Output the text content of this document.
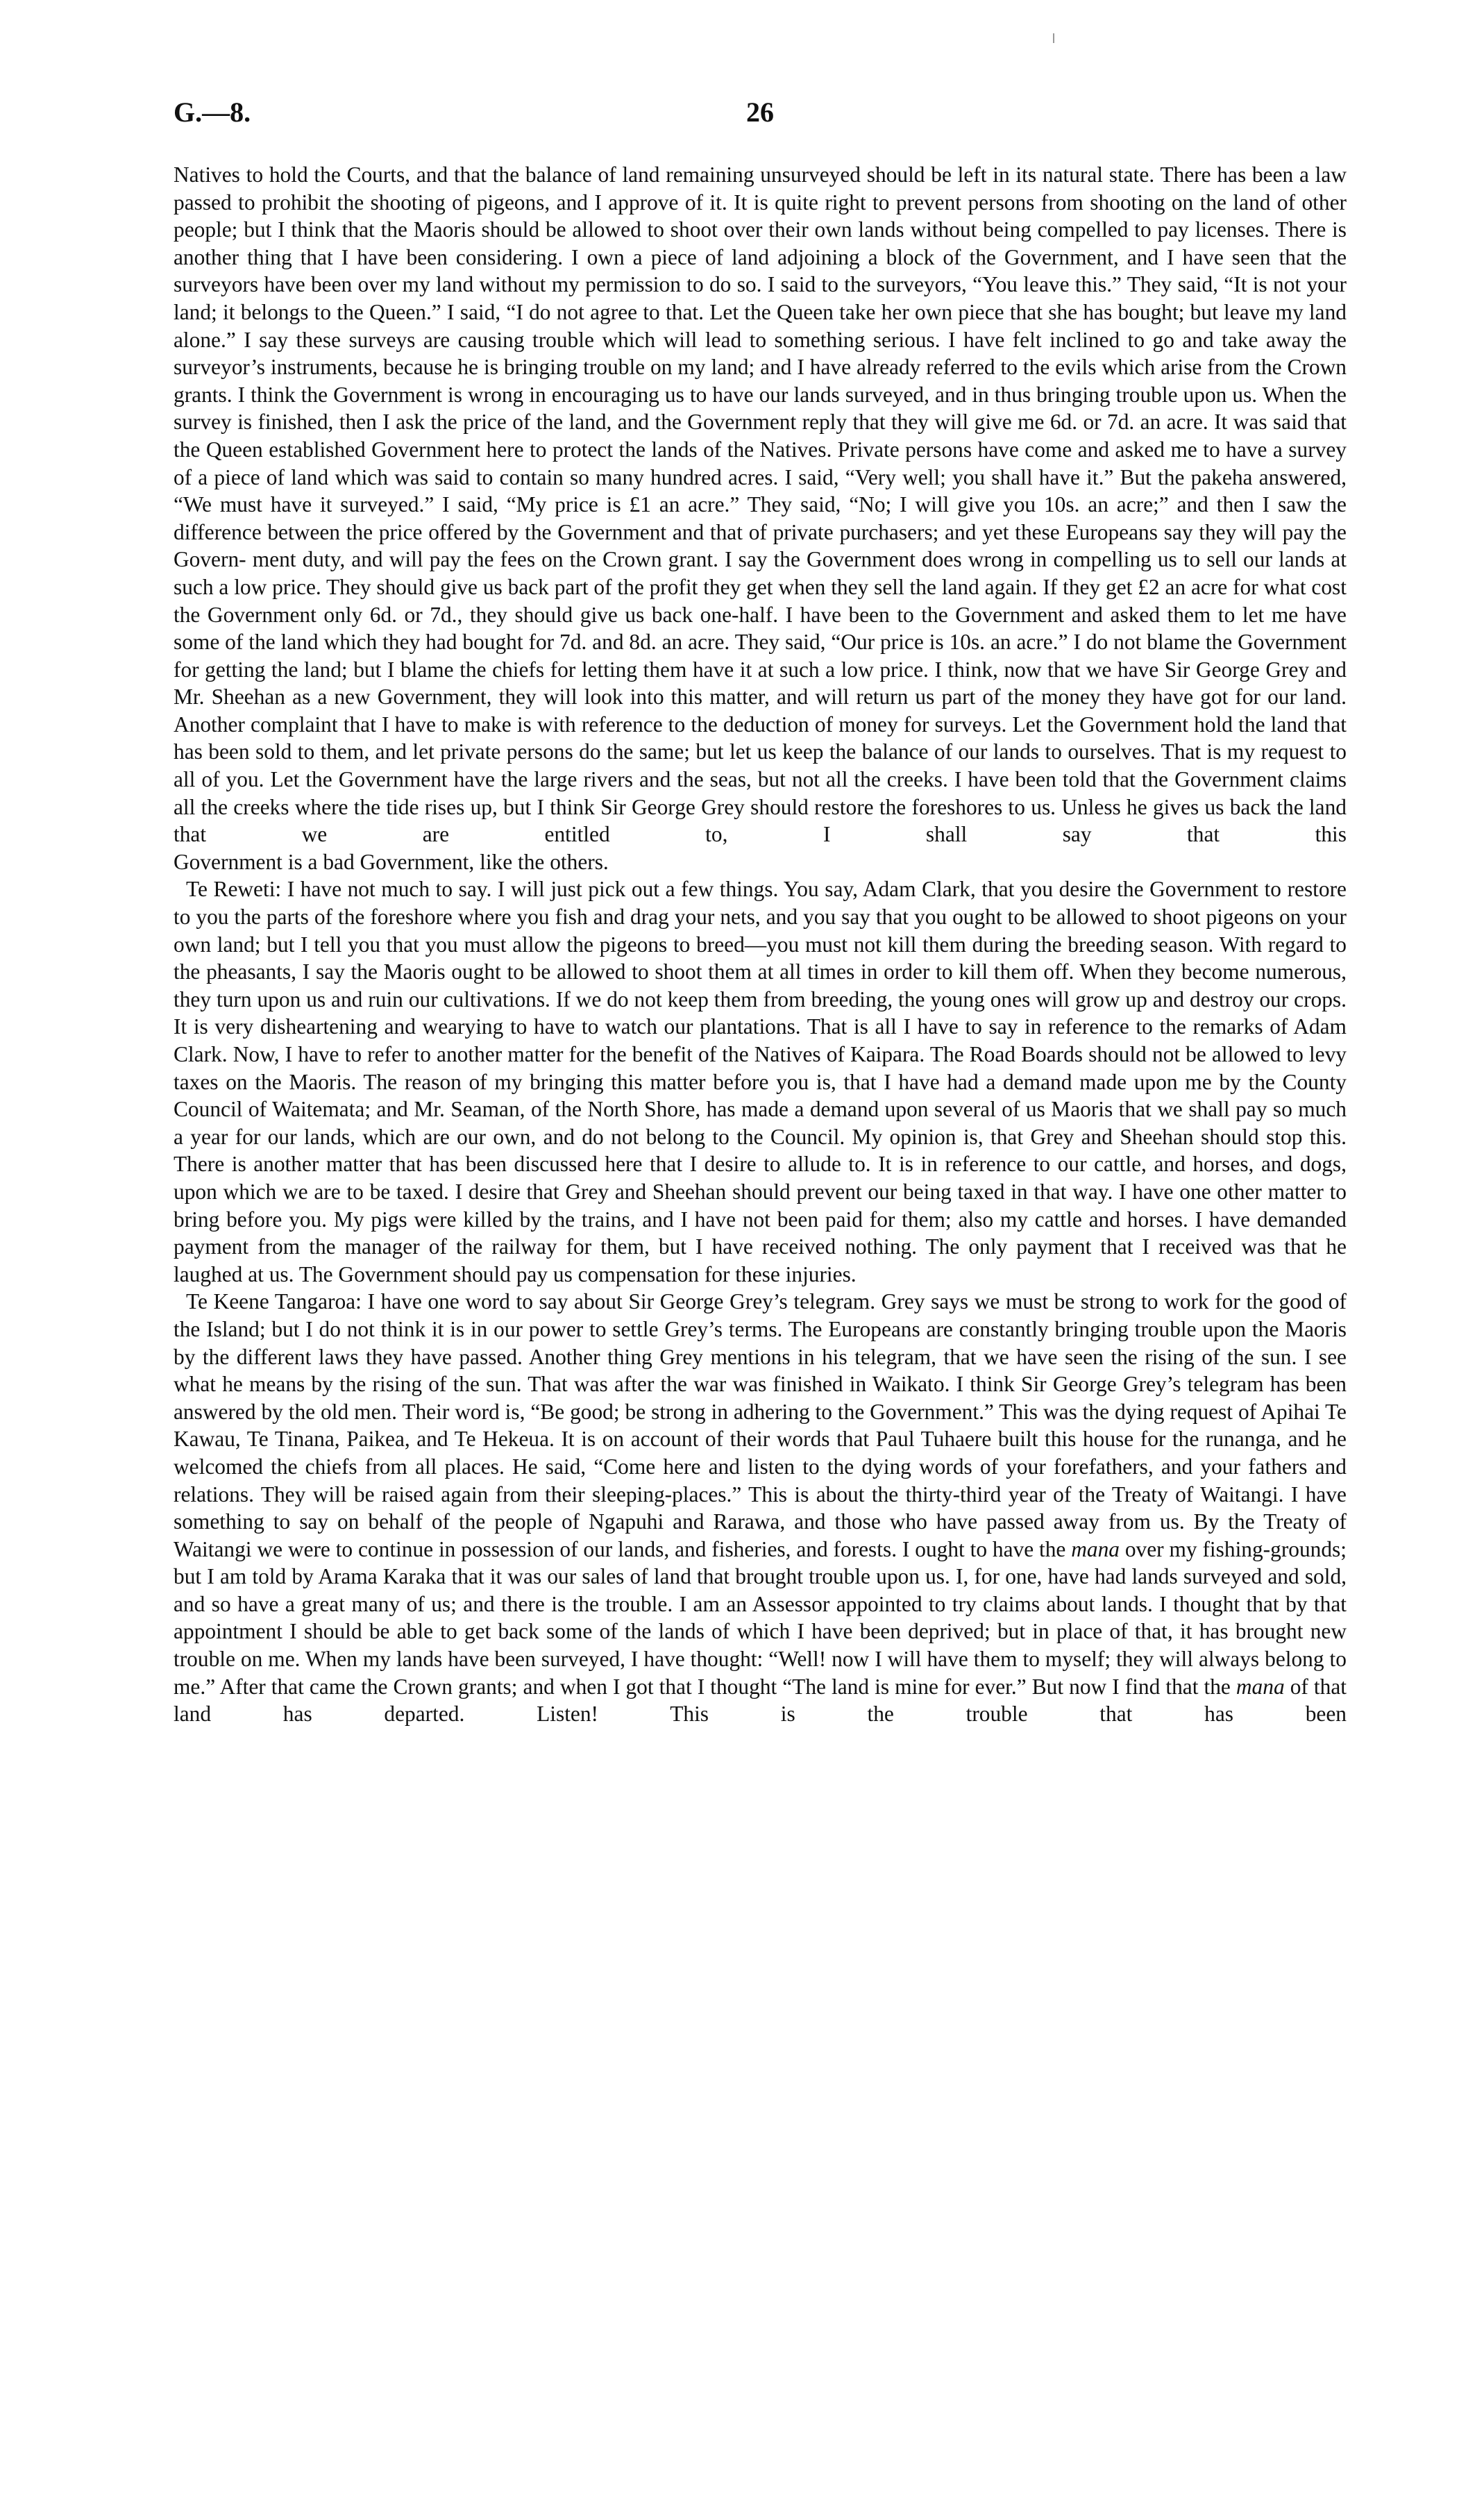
G.—8.	26

Natives to hold the Courts, and that the balance of land remaining unsurveyed should be left in its natural state. There has been a law passed to prohibit the shooting of pigeons, and I approve of it. It is quite right to prevent persons from shooting on the land of other people; but I think that the Maoris should be allowed to shoot over their own lands without being compelled to pay licenses. There is another thing that I have been considering. I own a piece of land adjoining a block of the Government, and I have seen that the surveyors have been over my land without my permission to do so. I said to the surveyors, “You leave this.” They said, “It is not your land; it belongs to the Queen.” I said, “I do not agree to that. Let the Queen take her own piece that she has bought; but leave my land alone.” I say these surveys are causing trouble which will lead to something serious. I have felt inclined to go and take away the surveyor’s instruments, because he is bringing trouble on my land; and I have already referred to the evils which arise from the Crown grants. I think the Government is wrong in encouraging us to have our lands surveyed, and in thus bringing trouble upon us. When the survey is finished, then I ask the price of the land, and the Government reply that they will give me 6d. or 7d. an acre. It was said that the Queen established Government here to protect the lands of the Natives. Private persons have come and asked me to have a survey of a piece of land which was said to contain so many hundred acres. I said, “Very well; you shall have it.” But the pakeha answered, “We must have it surveyed.” I said, “My price is £1 an acre.” They said, “No; I will give you 10s. an acre;” and then I saw the difference between the price offered by the Government and that of private purchasers; and yet these Europeans say they will pay the Govern- ment duty, and will pay the fees on the Crown grant. I say the Government does wrong in compelling us to sell our lands at such a low price. They should give us back part of the profit they get when they sell the land again. If they get £2 an acre for what cost the Government only 6d. or 7d., they should give us back one-half. I have been to the Government and asked them to let me have some of the land which they had bought for 7d. and 8d. an acre. They said, “Our price is 10s. an acre.” I do not blame the Government for getting the land; but I blame the chiefs for letting them have it at such a low price. I think, now that we have Sir George Grey and Mr. Sheehan as a new Government, they will look into this matter, and will return us part of the money they have got for our land. Another complaint that I have to make is with reference to the deduction of money for surveys. Let the Government hold the land that has been sold to them, and let private persons do the same; but let us keep the balance of our lands to ourselves. That is my request to all of you. Let the Government have the large rivers and the seas, but not all the creeks. I have been told that the Government claims all the creeks where the tide rises up, but I think Sir George Grey should restore the foreshores to us. Unless he gives us back the land that we are entitled to, I shall say that this

Government is a bad Government, like the others.

Te Reweti: I have not much to say. I will just pick out a few things. You say, Adam Clark, that you desire the Government to restore to you the parts of the foreshore where you fish and drag your nets, and you say that you ought to be allowed to shoot pigeons on your own land; but I tell you that you must allow the pigeons to breed—you must not kill them during the breeding season. With regard to the pheasants, I say the Maoris ought to be allowed to shoot them at all times in order to kill them off. When they become numerous, they turn upon us and ruin our cultivations. If we do not keep them from breeding, the young ones will grow up and destroy our crops. It is very disheartening and wearying to have to watch our plantations. That is all I have to say in reference to the remarks of Adam Clark. Now, I have to refer to another matter for the benefit of the Natives of Kaipara. The Road Boards should not be allowed to levy taxes on the Maoris. The reason of my bringing this matter before you is, that I have had a demand made upon me by the County Council of Waitemata; and Mr. Seaman, of the North Shore, has made a demand upon several of us Maoris that we shall pay so much a year for our lands, which are our own, and do not belong to the Council. My opinion is, that Grey and Sheehan should stop this. There is another matter that has been discussed here that I desire to allude to. It is in reference to our cattle, and horses, and dogs, upon which we are to be taxed. I desire that Grey and Sheehan should prevent our being taxed in that way. I have one other matter to bring before you. My pigs were killed by the trains, and I have not been paid for them; also my cattle and horses. I have demanded payment from the manager of the railway for them, but I have received nothing. The only payment that I received was that he

laughed at us. The Government should pay us compensation for these injuries.

Te Keene Tangaroa: I have one word to say about Sir George Grey’s telegram. Grey says we must be strong to work for the good of the Island; but I do not think it is in our power to settle Grey’s terms. The Europeans are constantly bringing trouble upon the Maoris by the different laws they have passed. Another thing Grey mentions in his telegram, that we have seen the rising of the sun. I see what he means by the rising of the sun. That was after the war was finished in Waikato. I think Sir George Grey’s telegram has been answered by the old men. Their word is, “Be good; be strong in adhering to the Government.” This was the dying request of Apihai Te Kawau, Te Tinana, Paikea, and Te Hekeua. It is on account of their words that Paul Tuhaere built this house for the runanga, and he welcomed the chiefs from all places. He said, “Come here and listen to the dying words of your forefathers, and your fathers and relations. They will be raised again from their sleeping-places.” This is about the thirty-third year of the Treaty of Waitangi. I have something to say on behalf of the people of Ngapuhi and Rarawa, and those who have passed away from us. By the Treaty of Waitangi we were to continue in possession of our lands, and fisheries, and forests. I ought to have the mana over my fishing-grounds; but I am told by Arama Karaka that it was our sales of land that brought trouble upon us. I, for one, have had lands surveyed and sold, and so have a great many of us; and there is the trouble. I am an Assessor appointed to try claims about lands. I thought that by that appointment I should be able to get back some of the lands of which I have been deprived; but in place of that, it has brought new trouble on me. When my lands have been surveyed, I have thought: “Well! now I will have them to myself; they will always belong to me.” After that came the Crown grants; and when I got that I thought “The land is mine for ever.” But now I find that the mana of that land has departed. Listen! This is the trouble that has been
